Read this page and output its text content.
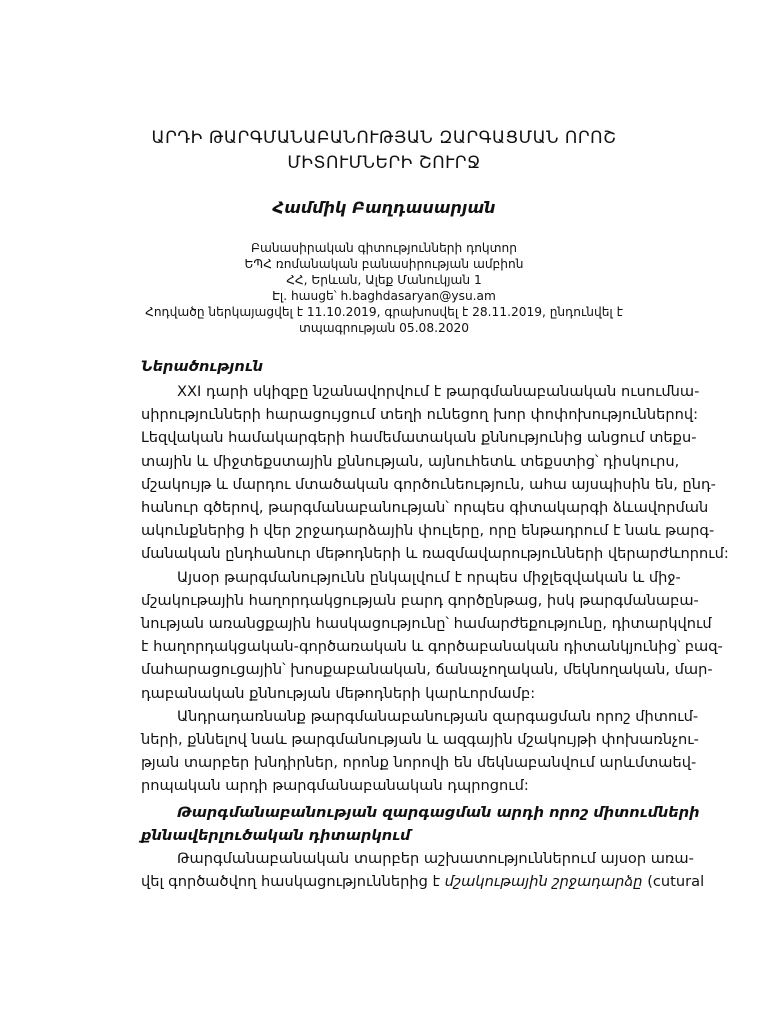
ԱՐԴԻ ԹԱՐԳՄԱՆԱԲԱՆՈՒԹՅԱՆ ԶԱՐԳԱՑՄԱՆ ՈՐՈՇ
ՄԻՏՈՒՄՆԵՐԻ ՇՈՒՐՋ
Համմիկ Բաղդասարյան
Բանասիրական գիտությունների դոկտոր
ԵՊՀ ռոմանական բանասիրության ամբիոն
ՀՀ, Երևան, Ալեք Մանուկյան 1
Էլ. հասցե՝ h.baghdasaryan@ysu.am
Հոդվածը ներկայացվել է 11.10.2019, գրախոսվել է 28.11.2019, ընդունվել է
տպագրության 05.08.2020
Ներածություն
XXI դարի սկիզբը նշանավորվում է թարգմանաբանական ուսումնա-
սիրությունների հարացույցում տեղի ունեցող խոր փոփոխություններով:
Լեզվական համակարգերի համեմատական քննությունից անցում տեքս-
տային և միջտեքստային քննության, այնուհետև տեքստից՝ դիսկուրս,
մշակույթ և մարդու մտածական գործունեություն, ահա այսպիսին են, ընդ-
հանուր գծերով, թարգմանաբանության՝ որպես գիտակարգի ձևավորման
ակունքներից ի վեր շրջադարձային փուլերը, որը ենթադրում է նաև թարգ-
մանական ընդհանուր մեթոդների և ռազմավարությունների վերարժևորում:
Այսօր թարգմանությունն ընկալվում է որպես միջլեզվական և միջ-
մշակութային հաղորդակցության բարդ գործընթաց, իսկ թարգմանաբա-
նության առանցքային հասկացությունը՝ համարժեքությունը, դիտարկվում
է հաղորդակցական-գործառական և գործաբանական դիտանկյունից՝ բազ-
մահարացուցային՝ խոսքաբանական, ճանաչողական, մեկնողական, մար-
դաբանական քննության մեթոդների կարևորմամբ:
Անդրադառնանք թարգմանաբանության զարգացման որոշ միտում-
ների, քննելով նաև թարգմանության և ազգային մշակույթի փոխառնչու-
թյան տարբեր խնդիրներ, որոնք նորովի են մեկնաբանվում արևմտաեվ-
րոպական արդի թարգմանաբանական դպրոցում:
Թարգմանաբանության զարգացման արդի որոշ միտումների
քննավերլուծական դիտարկում
Թարգմանաբանական տարբեր աշխատություններում այսօր առա-
վել գործածվող հասկացություններից է մշակութային շրջադարձը (cutural
